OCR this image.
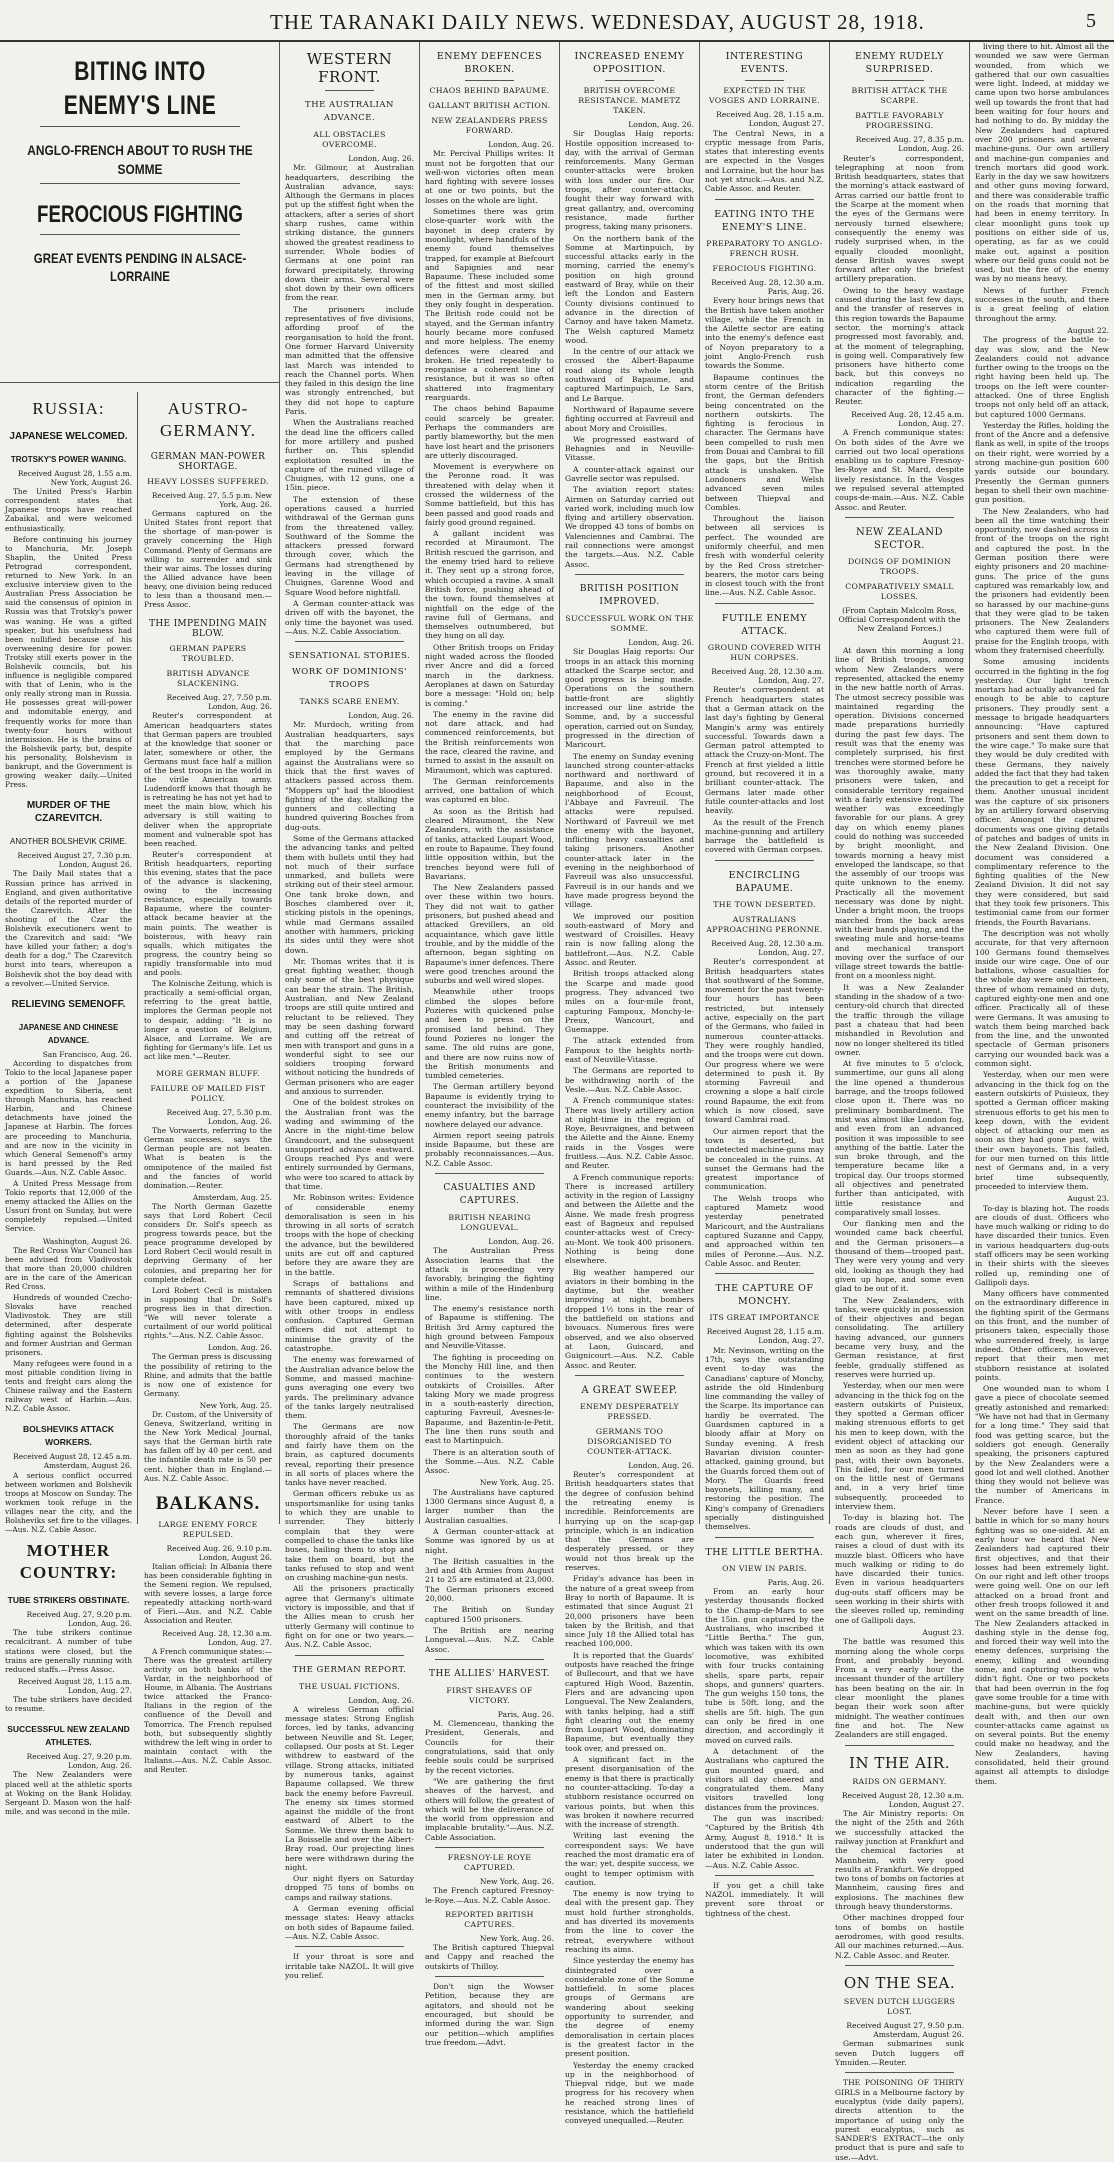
THE TARANAKI DAILY NEWS. WEDNESDAY, AUGUST 28, 1918.	5
BITING INTO ENEMY'S LINE
ANGLO-FRENCH ABOUT TO RUSH THE SOMME
FEROCIOUS FIGHTING
GREAT EVENTS PENDING IN ALSACE-LORRAINE
RUSSIA:
JAPANESE WELCOMED.
TROTSKY'S POWER WANING.

Received August 28, 1.55 a.m. New York, August 26.

The United Press's Harbin correspondent states that Japanese troops have reached Zabaikal, and were welcomed enthusiastically.

Before continuing his journey to Manchuria, Mr. Joseph Shaplin, the United Press Petrograd correspondent, returned to New York. In an exclusive interview given to the Australian Press Association he said the consensus of opinion in Russia was that Trotsky's power was waning. He was a gifted speaker, but his usefulness had been nullified because of his overweening desire for power. Trotsky still exerts power in the Bolshevik councils, but his influence is negligible compared with that of Lenin, who is the only really strong man in Russia. He possesses great will-power and indomitable energy, and frequently works for more than twenty-four hours without intermission. He is the brains of the Bolshevik party, but, despite his personality, Bolshevism is bankrupt, and the Government is growing weaker daily.—United Press.

MURDER OF THE CZAREVITCH.
ANOTHER BOLSHEVIK CRIME.

Received August 27, 7.30 p.m. London, August 26.

The Daily Mail states that a Russian prince has arrived in England, and given authoritative details of the reported murder of the Czarevitch. After the shooting of the Czar the Bolshevik executioners went to the Czarevitch and said: "We have killed your father; a dog's death for a dog." The Czarevitch burst into tears, whereupon a Bolshevik shot the boy dead with a revolver.—United Service.

RELIEVING SEMENOFF.
JAPANESE AND CHINESE ADVANCE.

San Francisco, Aug. 26.

According to dispatches from Tokio to the local Japanese paper a portion of the Japanese expedition to Siberia, sent through Manchuria, has reached Harbin, and Chinese detachments have joined the Japanese at Harbin. The forces are proceeding to Manchuria, and are now in the vicinity in which General Semenoff's army is hard pressed by the Red Guards.—Aus. N.Z. Cable Assoc.

A United Press Message from Tokio reports that 12,000 of the enemy attacked the Allies on the Ussuri front on Sunday, but were completely repulsed.—United Service.

Washington, August 26.

The Red Cross War Council has been advised from Vladivostok that more than 20,000 children are in the care of the American Red Cross.

Hundreds of wounded Czecho-Slovaks have reached Vladivostok. They are still determined, after desperate fighting against the Bolsheviks and former Austrian and German prisoners.

Many refugees were found in a most pitiable condition living in tents and freight cars along the Chinese railway and the Eastern railway west of Harbin.—Aus. N.Z. Cable Assoc.

BOLSHEVIKS ATTACK WORKERS.

Received August 28, 12.45 a.m. Amsterdam, August 26.

A serious conflict occurred between workmen and Bolshevik troops at Moscow on Sunday. The workmen took refuge in the villages near the city, and the Bolsheviks set fire to the villages.—Aus. N.Z. Cable Assoc.

MOTHER COUNTRY:
TUBE STRIKERS OBSTINATE.

Received Aug. 27, 9.20 p.m. London, Aug. 26.

The tube strikers continue recalcitrant. A number of tube stations were closed, but the trains are generally running with reduced staffs.—Press Assoc.

Received August 28, 1.15 a.m. London, Aug. 27.

The tube strikers have decided to resume.

SUCCESSFUL NEW ZEALAND ATHLETES.

Received Aug. 27, 9.20 p.m. London, Aug. 26.

The New Zealanders were placed well at the athletic sports at Woking on the Bank Holiday. Sergeant D. Mason won the half-mile, and was second in the mile.

AUSTRO-GERMANY.
GERMAN MAN-POWER SHORTAGE.
HEAVY LOSSES SUFFERED.

Received Aug. 27, 5.5 p.m. New York, Aug. 26.

Germans captured on the United States front report that the shortage of man-power is gravely concerning the High Command. Plenty of Germans are willing to surrender and sink their war aims. The losses during the Allied advance have been heavy, one division being reduced to less than a thousand men.—Press Assoc.

THE IMPENDING MAIN BLOW.
GERMAN PAPERS TROUBLED.
BRITISH ADVANCE SLACKENING.

Received Aug. 27, 7.50 p.m. London, Aug. 26.

Reuter's correspondent at American headquarters states that German papers are troubled at the knowledge that sooner or later, somewhere or other, the Germans must face half a million of the best troops in the world in the virile American army. Ludendorff knows that though he is retreating he has not yet had to meet the main blow, which his adversary is still waiting to deliver when the appropriate moment and vulnerable spot has been reached.

Reuter's correspondent at British headquarters, reporting this evening, states that the pace of the advance is slackening, owing to the increasing resistance, especially towards Bapaume, where the counter-attack became heavier at the main points. The weather is boisterous, with heavy rain squalls, which mitigates the progress, the country being so rapidly transformable into mud and pools.

The Kolnische Zeitung, which is practically a semi-official organ, referring to the great battle, implores the German people not to despair, adding: "It is no longer a question of Belgium, Alsace, and Lorraine. We are fighting for Germany's life. Let us act like men."—Reuter.

MORE GERMAN BLUFF.
FAILURE OF MAILED FIST POLICY.

Received Aug. 27, 5.30 p.m. London, Aug. 26.

The Vorwaerts, referring to the German successes, says the German people are not beaten. What is beaten is the omnipotence of the mailed fist and the fancies of world domination.—Reuter.

Amsterdam, Aug. 25.

The North German Gazette says that Lord Robert Cecil considers Dr. Solf's speech as progress towards peace, but the peace programme developed by Lord Robert Cecil would result in depriving Germany of her colonies, and preparing her for complete defeat.

Lord Robert Cecil is mistaken in supposing that Dr. Solf's progress lies in that direction. "We will never tolerate a curtailment of our world political rights."—Aus. N.Z. Cable Assoc.

London, Aug. 26.

The German press is discussing the possibility of retiring to the Rhine, and admits that the battle is now one of existence for Germany.

New York, Aug. 25.

Dr. Custom, of the University of Geneva, Switzerland, writing in the New York Medical Journal, says that the German birth rate has fallen off by 40 per cent. and the infantile death rate is 50 per cent. higher than in England.—Aus. N.Z. Cable Assoc.

BALKANS.
LARGE ENEMY FORCE REPULSED.

Received Aug. 26, 9.10 p.m. London, August 26.

Italian official: In Albania there has been considerable fighting in the Semeni region. We repulsed, with severe losses, a large force repeatedly attacking north-ward of Fieri.—Aus. and N.Z. Cable Association and Reuter.

Received Aug. 28, 12.30 a.m. London, Aug. 27.

A French communique states:—There was the greatest artillery activity on both banks of the Vardar, in the neighborhood of Houme, in Albania. The Austrians twice attacked the Franco-Italians in the region of the confluence of the Devoll and Tomorrica. The French repulsed both, but subsequently slightly withdrew the left wing in order to maintain contact with the Italians.—Aus. N.Z. Cable Assoc. and Reuter.

WESTERN FRONT.
THE AUSTRALIAN ADVANCE.
ALL OBSTACLES OVERCOME.

London, Aug. 26.

Mr. Gilmour, at Australian headquarters, describing the Australian advance, says: Although the Germans in places put up the stiffest fight when the attackers, after a series of short sharp rushes, came within striking distance, the gunners showed the greatest readiness to surrender. Whole bodies of Germans at one point ran forward precipitately, throwing down their arms. Several were shot down by their own officers from the rear.

The prisoners include representatives of five divisions, affording proof of the reorganisation to hold the front. One former Harvard University man admitted that the offensive last March was intended to reach the Channel ports. When they failed in this design the line was strongly entrenched, but they did not hope to capture Paris.

When the Australians reached the dead line the officers called for more artillery and pushed further on. This splendid exploitation resulted in the capture of the ruined village of Chuignes, with 12 guns, one a 15in. piece.

The extension of these operations caused a hurried withdrawal of the German guns from the threatened valley. Southward of the Somme the attackers pressed forward through cover, which the Germans had strengthened by leaving in the village of Chuignes, Garenne Wood and Square Wood before nightfall.

A German counter-attack was driven off with the bayonet, the only time the bayonet was used.—Aus. N.Z. Cable Association.

SENSATIONAL STORIES.
WORK OF DOMINIONS' TROOPS
TANKS SCARE ENEMY.

London, Aug. 26.

Mr. Murdoch, writing from Australian headquarters, says that the marching pace employed by the Germans against the Australians were so thick that the first waves of attackers passed across them. "Moppers up" had the bloodiest fighting of the day, stalking the gunners and collecting a hundred quivering Bosches from dug-outs.

Some of the Germans attacked the advancing tanks and pelted them with bullets until they had not much of their surface unmarked, and bullets were striking out of their steel armour. One tank broke down, and Bosches clambered over it, sticking pistols in the openings, while mad Germans assailed another with hammers, pricking its sides until they were shot down.

Mr. Thomas writes that it is great fighting weather, though only some of the best physique can bear the strain. The British, Australian, and New Zealand troops are still quite untired and reluctant to be relieved. They may be seen dashing forward and cutting off the retreat of men with transport and guns in a wonderful sight to see our soldiers trooping forward without noticing the hundreds of German prisoners who are eager and anxious to surrender.

One of the boldest strokes on the Australian front was the wading and swimming of the Ancre in the night-time below Grandcourt, and the subsequent unsupported advance eastward. Groups reached Pys and were entirely surrounded by Germans, who were too scared to attack by that time.

Mr. Robinson writes: Evidence of considerable enemy demoralisation is seen in his throwing in all sorts of scratch troops with the hope of checking the advance, but the bewildered units are cut off and captured before they are aware they are in the battle.

Scraps of battalions and remnants of shattered divisions have been captured, mixed up with other troops in endless confusion. Captured German officers did not attempt to minimise the gravity of the catastrophe.

The enemy was forewarned of the Australian advance below the Somme, and massed machine-guns averaging one every two yards. The preliminary advance of the tanks largely neutralised them.

The Germans are now thoroughly afraid of the tanks and fairly have them on the brain, as captured documents reveal, reporting their presence in all sorts of places where the tanks have never reached.

German officers rebuke us as unsportsmanlike for using tanks to which they are unable to surrender. They bitterly complain that they were compelled to chase the tanks like buses, hailing them to stop and take them on board, but the tanks refused to stop and went on crushing machine-gun nests.

All the prisoners practically agree that Germany's ultimate victory is impossible, and that if the Allies mean to crush her utterly Germany will continue to fight on for one or two years.—Aus. N.Z. Cable Assoc.

THE GERMAN REPORT.
THE USUAL FICTIONS.

London, Aug. 26.

A wireless German official message states: Strong English forces, led by tanks, advancing between Neuville and St. Leger, collapsed. Our posts at St. Leger withdrew to eastward of the village. Strong attacks, initiated by numerous tanks, against Bapaume collapsed. We threw back the enemy before Favreuil. The enemy six times stormed against the middle of the front eastward of Albert to the Somme. We threw them back to La Boisselle and over the Albert-Bray road. Our projecting lines here were withdrawn during the night.

Our night flyers on Saturday dropped 75 tons of bombs on camps and railway stations.

A German evening official message states: Heavy attacks on both sides of Bapaume failed.—Aus. N.Z. Cable Assoc.

If your throat is sore and irritable take NAZOL. It will give you relief.

ENEMY DEFENCES BROKEN.
CHAOS BEHIND BAPAUME.
GALLANT BRITISH ACTION.
NEW ZEALANDERS PRESS FORWARD.

London, Aug. 26.

Mr. Percival Phillips writes: It must not be forgotten that our well-won victories often mean hard fighting with severe losses at one or two points, but the losses on the whole are light.

Sometimes there was grim close-quarter work with the bayonet in deep craters by moonlight, where handfuls of the enemy found themselves trapped, for example at Biefcourt and Sapignies and near Bapaume. These included some of the fittest and most skilled men in the German army, but they only fought in desperation. The British rode could not be stayed, and the German infantry hourly became more confused and more helpless. The enemy defences were cleared and broken. He tried repeatedly to reorganise a coherent line of resistance, but it was so often shattered into fragmentary rearguards.

The chaos behind Bapaume could scarcely be greater. Perhaps the commanders are partly blameworthy, but the men have lost heart and the prisoners are utterly discouraged.

Movement is everywhere on the Peronne road. It was threatened with delay when it crossed the wilderness of the Somme battlefield, but this has been passed and good roads and fairly good ground regained.

A gallant incident was recorded at Miraumont. The British rescued the garrison, and the enemy tried hard to relieve it. They sent up a strong force, which occupied a ravine. A small British force, pushing ahead of the town, found themselves at nightfall on the edge of the ravine full of Germans, and themselves outnumbered, but they hung on all day.

Other British troops on Friday night waded across the flooded river Ancre and did a forced march in the darkness. Aeroplanes at dawn on Saturday bore a message: "Hold on; help is coming."

The enemy in the ravine did not dare attack, and had commenced reinforcements, but the British reinforcements won the race, cleared the ravine, and turned to assist in the assault on Miraumont, which was captured.

The German reinforcements arrived, one battalion of which was captured en bloc.

As soon as the British had cleared Miraumont, the New Zealanders, with the assistance of tanks, attacked Loupart Wood, en route to Bapaume. They found little opposition within, but the trenches beyond were full of Bavarians.

The New Zealanders passed over these within two hours. They did not wait to gather prisoners, but pushed ahead and attacked Grevillers, an old acquaintance, which gave little trouble, and by the middle of the afternoon, began sighting on Bapaume's inner defences. There were good trenches around the suburbs and well wired slopes.

Meanwhile other troops climbed the slopes before Pozieres with quickened pulse and keen to press on the promised land behind. They found Pozieres no longer the same. The old ruins are gone, and there are now ruins now of the British monuments and tumbled cemeteries.

The German artillery beyond Bapaume is evidently trying to counteract the invisibility of the enemy infantry, but the barrage nowhere delayed our advance.

Airmen report seeing patrols inside Bapaume, but these are probably reconnaissances.—Aus. N.Z. Cable Assoc.

CASUALTIES AND CAPTURES.
BRITISH NEARING LONGUEVAL.

London, Aug. 26.

The Australian Press Association learns that the attack is proceeding very favorably, bringing the fighting within a mile of the Hindenburg line.

The enemy's resistance north of Bapaume is stiffening. The British 3rd Army captured the high ground between Fampoux and Neuville-Vitasse.

The fighting is proceeding on the Monchy Hill line, and then continues to the western outskirts of Croisilles. After taking Mory we made progress in a south-easterly direction, capturing Favreuil, Avesnes-le-Bapaume, and Bazentin-le-Petit. The line then runs south and east to Martinpuich.

There is an alteration south of the Somme.—Aus. N.Z. Cable Assoc.

New York, Aug. 25.

The Australians have captured 1300 Germans since August 8, a larger number than the Australian casualties.

A German counter-attack at Somme was ignored by us at night.

The British casualties in the 3rd and 4th Armies from August 21 to 25 are estimated at 23,000. The German prisoners exceed 20,000.

The British on Sunday captured 1500 prisoners.

The British are nearing Longueval.—Aus. N.Z. Cable Assoc.

THE ALLIES' HARVEST.
FIRST SHEAVES OF VICTORY.

Paris, Aug. 26.

M. Clemenceau, thanking the President, Generals, and Councils for their congratulations, said that only feeble souls could be surprised by the recent victories.

"We are gathering the first sheaves of the harvest, and others will follow, the greatest of which will be the deliverance of the world from oppression and implacable brutality."—Aus. N.Z. Cable Association.

FRESNOY-LE ROYE CAPTURED.

New York, Aug. 26.

The French captured Fresnoy-le-Roye.—Aus. N.Z. Cable Assoc.

REPORTED BRITISH CAPTURES.

New York, Aug. 26.

The British captured Thiepval and Cappy and reached the outskirts of Thilloy.

Don't sign the Wowser Petition, because they are agitators, and should not be encouraged, but should be informed during the war. Sign our petition—which amplifies true freedom.—Advt.

INCREASED ENEMY OPPOSITION.
BRITISH OVERCOME RESISTANCE. MAMETZ TAKEN.

London, Aug. 26.

Sir Douglas Haig reports: Hostile opposition increased to-day, with the arrival of German reinforcements. Many German counter-attacks were broken with loss under our fire. Our troops, after counter-attacks, fought their way forward with great gallantry, and, overcoming resistance, made further progress, taking many prisoners.

On the northern bank of the Somme at Martinpuich, by successful attacks early in the morning, carried the enemy's position on high ground eastward of Bray, while on their left the London and Eastern County divisions continued to advance in the direction of Carnoy and have taken Mametz. The Welsh captured Mametz wood.

In the centre of our attack we crossed the Albert-Bapaume road along its whole length southward of Bapaume, and captured Martinpuich, Le Sars, and Le Barque.

Northward of Bapaume severe fighting occurred at Favreuil and about Mory and Croisilles.

We progressed eastward of Behagnies and in Neuville-Vitasse.

A counter-attack against our Gavrelle sector was repulsed.

The aviation report states: Airmen on Saturday carried out varied work, including much low flying and artillery observation. We dropped 43 tons of bombs on Valenciennes and Cambrai. The rail connections were amongst the targets.—Aus. N.Z. Cable Assoc.

BRITISH POSITION IMPROVED.
SUCCESSFUL WORK ON THE SOMME.

London, Aug. 26.

Sir Douglas Haig reports: Our troops in an attack this morning attacked the Scarpe sector, and good progress is being made. Operations on the southern battle-front are slightly increased our line astride the Somme, and, by a successful operation, carried out on Sunday, progressed in the direction of Maricourt.

The enemy on Sunday evening launched strong counter-attacks northward and northward of Bapaume, and also in the neighborhood of Ecoust, l'Abbaye and Favreuil. The attacks were repulsed. Northward of Favreuil we met the enemy with the bayonet, inflicting heavy casualties and taking prisoners. Another counter-attack later in the evening in the neighborhood of Favreuil was also unsuccessful. Favreuil is in our hands and we have made progress beyond the village.

We improved our position south-eastward of Mory and westward of Croisilles. Heavy rain is now falling along the battlefront.—Aus. N.Z. Cable Assoc. and Reuter.

British troops attacked along the Scarpe and made good progress. They advanced two miles on a four-mile front, capturing Fampoux, Monchy-le-Preux, Wancourt, and Guemappe.

The attack extended from Fampoux to the heights north-east of Neuville-Vitasse.

The Germans are reported to be withdrawing north of the Vesle.—Aus. N.Z. Cable Assoc.

A French communique states: There was lively artillery action at night-time in the region of Roye, Beuvraignes, and between the Ailette and the Aisne. Enemy raids in the Vosges were fruitless.—Aus. N.Z. Cable Assoc. and Reuter.

A French communique reports: There is increased artillery activity in the region of Lassigny and between the Ailette and the Aisne. We made fresh progress east of Bagneux and repulsed counter-attacks west of Crecy-au-Mont. We took 400 prisoners. Nothing is being done elsewhere.

Big weather hampered our aviators in their bombing in the daytime, but the weather improving at night, bombers dropped 1½ tons in the rear of the battlefield on stations and bivouacs. Numerous fires were observed, and we also observed at Laon, Guiscard, and Guignicourt.—Aus. N.Z. Cable Assoc. and Reuter.

A GREAT SWEEP.
ENEMY DESPERATELY PRESSED.
GERMANS TOO DISORGANISED TO COUNTER-ATTACK.

London, Aug. 26.

Reuter's correspondent at British headquarters states that the degree of confusion behind the retreating enemy is incredible. Reinforcements are hurrying up on the scap-gap principle, which is an indication that the Germans are desperately pressed, or they would not thus break up the reserves.

Friday's advance has been in the nature of a great sweep from Bray to north of Bapaume. It is estimated that since August 21 20,000 prisoners have been taken by the British, and that since July 18 the Allied total has reached 100,000.

It is reported that the Guards' outposts have reached the fringe of Bullecourt, and that we have captured High Wood, Bazentin, Flers and are advancing upon Longueval. The New Zealanders, with tanks helping, had a stiff fight clearing out the enemy from Loupart Wood, dominating Bapaume, but eventually they took over, and pressed on.

A significant fact in the present disorganisation of the enemy is that there is practically no counter-attacking. To-day a stubborn resistance occurred on various points, but when this was broken it nowhere recurred with the increase of strength.

Writing last evening the correspondent says: We have reached the most dramatic era of the war; yet, despite success, we ought to temper optimism with caution.

The enemy is now trying to deal with the present gap. They must hold further strongholds, and has diverted its movements from the line to cover the retreat, everywhere without reaching its aims.

Since yesterday the enemy has disintegrated over a considerable zone of the Somme battlefield. In some places groups of Germans are wandering about seeking opportunity to surrender, and the degree of enemy demoralisation in certain places is the greatest factor in the present position.

Yesterday the enemy cracked up in the neighborhood of Thiepval ridge, but we made progress for his recovery when he reached strong lines of resistance, which the battlefield conveyed unequalled.—Reuter.

INTERESTING EVENTS.
EXPECTED IN THE VOSGES AND LORRAINE.

Received Aug. 28, 1.15 a.m. London, August 27.

The Central News, in a cryptic message from Paris, states that interesting events are expected in the Vosges and Lorraine, but the hour has not yet struck.—Aus. and N.Z. Cable Assoc. and Reuter.

EATING INTO THE ENEMY'S LINE.
PREPARATORY TO ANGLO-FRENCH RUSH.
FEROCIOUS FIGHTING.

Received Aug. 28, 12.30 a.m. Paris, Aug. 26.

Every hour brings news that the British have taken another village, while the French in the Ailette sector are eating into the enemy's defence east of Noyon preparatory to a joint Anglo-French rush towards the Somme.

Bapaume continues the storm centre of the British front, the German defenders being concentrated on the northern outskirts. The fighting is ferocious in character. The Germans have been compelled to rush men from Douai and Cambrai to fill the gaps, but the British attack is unshaken. The Londoners and Welsh advanced seven miles between Thiepval and Combles.

Throughout the liaison between all services is perfect. The wounded are uniformly cheerful, and men fresh with wonderful celerity by the Red Cross stretcher-bearers, the motor cars being in closest touch with the front line.—Aus. N.Z. Cable Assoc.

FUTILE ENEMY ATTACK.
GROUND COVERED WITH HUN CORPSES.

Received Aug. 28, 12.30 a.m. London, Aug. 27.

Reuter's correspondent at French headquarters states that a German attack on the last day's fighting by General Mangin's army was entirely successful. Towards dawn a German patrol attempted to attack the Cruzy-on-Mont. The French at first yielded a little ground, but recovered it in a brilliant counter-attack. The Germans later made other futile counter-attacks and lost heavily.

As the result of the French machine-gunning and artillery barrage the battlefield is covered with German corpses.

ENCIRCLING BAPAUME.
THE TOWN DESERTED.
AUSTRALIANS APPROACHING PERONNE.

Received Aug. 28, 12.30 a.m. London, Aug. 27.

Reuter's correspondent at British headquarters states that southward of the Somme, movement for the past twenty-four hours has been restricted, but intensely active, especially on the part of the Germans, who failed in numerous counter-attacks. They were roughly handled, and the troops were cut down. Our progress where we were determined to push it. By storming Favreuil and crowning a slope a half circle round Bapaume, the exit from which is now closed, save toward Cambrai road.

Our airmen report that the town is deserted, but undetected machine-guns may be concealed in the ruins. At sunset the Germans had the greatest importance of communication.

The Welsh troops who captured Mametz wood yesterday penetrated Maricourt, and the Australians captured Suzanne and Cappy, and approached within ten miles of Peronne.—Aus. N.Z. Cable Assoc. and Reuter.

THE CAPTURE OF MONCHY.
ITS GREAT IMPORTANCE

Received August 28, 1.15 a.m. London, Aug. 27.

Mr. Nevinson, writing on the 17th, says the outstanding event to-day was the Canadians' capture of Monchy, astride the old Hindenburg line commanding the valley of the Scarpe. Its importance can hardly be overrated. The Guardsmen captured in a bloody affair at Mory on Sunday evening. A fresh Bavarian division counter-attacked, gaining ground, but the Guards forced them out of Mory. The Guards freed bayonets, killing many, and restoring the position. The King's company of Grenadiers specially distinguished themselves.

THE LITTLE BERTHA.
ON VIEW IN PARIS.

Paris, Aug. 26.

From an early hour yesterday thousands flocked to the Champ-de-Mars to see the 15in. gun captured by the Australians, who inscribed it "Little Bertha." The gun, which was taken with its own locomotive, was exhibited with four trucks containing shells, spare parts, repair shops, and gunners' quarters. The gun weighs 150 tons, the tube is 50ft. long, and the shells are 5ft. high. The gun can only be fired in one direction, and accordingly it moved on curved rails.

A detachment of the Australians who captured the gun mounted guard, and visitors all day cheered and congratulated them. Many visitors travelled long distances from the provinces.

The gun was inscribed: "Captured by the British 4th Army, August 8, 1918." It is understood that the gun will later be exhibited in London.—Aus. N.Z. Cable Assoc.

If you get a chill take NAZOL immediately. It will prevent sore throat or tightness of the chest.

ENEMY RUDELY SURPRISED.
BRITISH ATTACK THE SCARPE.
BATTLE FAVORABLY PROGRESSING.

Received Aug. 27, 8.35 p.m. London, Aug. 26.

Reuter's correspondent, telegraphing at noon from British headquarters, states that the morning's attack eastward of Arras carried our battle front to the Scarpe at the moment when the eyes of the Germans were nervously turned elsewhere; consequently the enemy was rudely surprised when, in the equally clouded moonlight, dense British waves swept forward after only the briefest artillery preparation.

Owing to the heavy wastage caused during the last few days, and the transfer of reserves in this region towards the Bapaume sector, the morning's attack progressed most favorably, and, at the moment of telegraphing, is going well. Comparatively few prisoners have hitherto come back, but this conveys no indication regarding the character of the fighting.—Reuter.

Received Aug. 28, 12.45 a.m. London, Aug. 27.

A French communique states: On both sides of the Avre we carried out two local operations enabling us to capture Fresnoy-les-Roye and St. Mard, despite lively resistance. In the Vosges we repulsed several attempted coups-de-main.—Aus. N.Z. Cable Assoc. and Reuter.

NEW ZEALAND SECTOR.
DOINGS OF DOMINION TROOPS.
COMPARATIVELY SMALL LOSSES.

(From Captain Malcolm Ross, Official Correspondent with the New Zealand Forces.)

August 21.

At dawn this morning a long line of British troops, among whom New Zealanders were represented, attacked the enemy in the new battle north of Arras. The utmost secrecy possible was maintained regarding the operation. Divisions concerned made preparations hurriedly during the past few days. The result was that the enemy was completely surprised, his first trenches were stormed before he was thoroughly awake, many prisoners were taken, and considerable territory regained with a fairly extensive front. The weather was exceedingly favorable for our plans. A grey day on which enemy planes could do nothing was succeeded by bright moonlight, and towards morning a heavy mist enveloped the landscape, so that the assembly of our troops was quite unknown to the enemy. Practically all the movement necessary was done by night. Under a bright moon, the troops marched from the back areas with their bands playing, and the sweating mule and horse-teams and mechanical transport moving over the surface of our village street towards the battle-front on a moonless night.

It was a New Zealander standing in the shadow of a two-century-old church that directed the traffic through the village past a chateau that had been mishandled in Revolution and now no longer sheltered its titled owner.

At five minutes to 5 o'clock, summertime, our guns all along the line opened a thunderous barrage, and the troops followed close upon it. There was no preliminary bombardment. The mist was almost like London fog, and even from an advanced position it was impossible to see anything of the battle. Later the sun broke through, and the temperature became like a tropical day. Our troops stormed all objectives and penetrated further than anticipated, with little resistance and comparatively small losses.

Our flanking men and the wounded came back cheerful, and the German prisoners—a thousand of them—trooped past. They were very young and very old, looking as though they had given up hope, and some even glad to be out of it.

The New Zealanders, with tanks, were quickly in possession of their objectives and began consolidating. The artillery having advanced, our gunners became very busy, and the German resistance, at first feeble, gradually stiffened as reserves were hurried up.

Yesterday, when our men were advancing in the thick fog on the eastern outskirts of Puisieux, they spotted a German officer making strenuous efforts to get his men to keep down, with the evident object of attacking our men as soon as they had gone past, with their own bayonets. This failed, for our men turned on the little nest of Germans and, in a very brief time subsequently, proceeded to interview them.

To-day is blazing hot. The roads are clouds of dust, and each gun, wherever it fires, raises a cloud of dust with its muzzle blast. Officers who have much walking or riding to do have discarded their tunics. Even in various headquarters dug-outs staff officers may be seen working in their shirts with the sleeves rolled up, reminding one of Gallipoli days.

August 23.

The battle was resumed this morning along the whole corps front, and probably beyond. From a very early hour the incessant thunder of the artillery has been beating on the air. In clear moonlight the planes began their work soon after midnight. The weather continues fine and hot. The New Zealanders are still engaged.

IN THE AIR.
RAIDS ON GERMANY.

Received August 28, 12.30 a.m. London, August 27.

The Air Ministry reports: On the night of the 25th and 26th we successfully attacked the railway junction at Frankfurt and the chemical factories at Mannheim, with very good results at Frankfurt. We dropped two tons of bombs on factories at Mannheim, causing fires and explosions. The machines flew through heavy thunderstorms.

Other machines dropped four tons of bombs on hostile aerodromes, with good results. All our machines returned.—Aus. N.Z. Cable Assoc. and Reuter.

ON THE SEA.
SEVEN DUTCH LUGGERS LOST.

Received August 27, 9.50 p.m. Amsterdam, August 26.

German submarines sunk seven Dutch luggers off Ymuiden.—Reuter.

THE POISONING OF THIRTY GIRLS in a Melbourne factory by eucalyptus (vide daily papers), directs attention to the importance of using only the purest eucalyptus, such as SANDER'S EXTRACT—the only product that is pure and safe to use.—Advt.

living there to hit. Almost all the wounded we saw were German wounded, from which we gathered that our own casualties were light. Indeed, at midday we came upon two horse ambulances well up towards the front that had been waiting for four hours and had nothing to do. By midday the New Zealanders had captured over 200 prisoners and several machine-guns. Our own artillery and machine-gun companies and trench mortars did good work. Early in the day we saw howitzers and other guns moving forward, and there was considerable traffic on the roads that morning that had been in enemy territory. In clear moonlight guns took up positions on either side of us, operating, as far as we could make out, against a position where our field guns could not be used, but the fire of the enemy was by no means heavy.

News of further French successes in the south, and there is a great feeling of elation throughout the army.

August 22.

The progress of the battle to-day was slow, and the New Zealanders could not advance further owing to the troops on the right having been held up. The troops on the left were counter-attacked. One of three English troops not only held off an attack, but captured 1000 Germans.

Yesterday the Rifles, holding the front of the Ancre and a defensive flank as well, in spite of the troops on their right, were worried by a strong machine-gun position 600 yards outside our boundary. Presently the German gunners began to shell their own machine-gun position.

The New Zealanders, who had been all the time watching their opportunity, now dashed across in front of the troops on the right and captured the post. In the German position there were eighty prisoners and 20 machine-guns. The price of the guns captured was remarkably low, and the prisoners had evidently been so harassed by our machine-guns that they were glad to be taken prisoners. The New Zealanders who captured them were full of praise for the English troops, with whom they fraternised cheerfully.

Some amusing incidents occurred in the fighting in the fog yesterday. Our light trench mortars had actually advanced far enough to be able to capture prisoners. They proudly sent a message to brigade headquarters announcing: "Have captured prisoners and sent them down to the wire cage." To make sure that they would be duly credited with these Germans, they naively added the fact that they had taken the precaution to get a receipt for them. Another unusual incident was the capture of six prisoners by an artillery forward observing officer. Amongst the captured documents was one giving details of patches and badges of units in the New Zealand Division. One document was considered a complimentary reference to the fighting qualities of the New Zealand Division. It did not say they were considered, but said that they took few prisoners. This testimonial came from our former friends, the Fourth Bavarians.

The description was not wholly accurate, for that very afternoon 100 Germans found themselves inside our wire cage. One of our battalions, whose casualties for the whole day were only thirteen, three of whom remained on duty, captured eighty-one men and one officer. Practically all of these were Germans. It was amusing to watch them being marched back from the line, and the unwonted spectacle of German prisoners carrying our wounded back was a common sight.

Yesterday, when our men were advancing in the thick fog on the eastern outskirts of Puisieux, they spotted a German officer making strenuous efforts to get his men to keep down, with the evident object of attacking our men as soon as they had gone past, with their own bayonets. This failed, for our men turned on this little nest of Germans and, in a very brief time subsequently, proceeded to interview them.

August 23.

To-day is blazing hot. The roads are clouds of dust. Officers who have much walking or riding to do have discarded their tunics. Even in various headquarters dug-outs staff officers may be seen working in their shirts with the sleeves rolled up, reminding one of Gallipoli days.

Many officers have commented on the extraordinary difference in the fighting spirit of the Germans on this front, and the number of prisoners taken, especially those who surrendered freely, is large indeed. Other officers, however, report that their men met stubborn resistance at isolated points.

One wounded man to whom I gave a piece of chocolate seemed greatly astonished and remarked: "We have not had that in Germany for a long time." They said that food was getting scarce, but the soldiers got enough. Generally speaking, the prisoners captured by the New Zealanders were a good lot and well clothed. Another thing they would not believe was the number of Americans in France.

Never before have I seen a battle in which for so many hours fighting was so one-sided. At an early hour we heard that New Zealanders had captured their first objectives, and that their losses had been extremely light. On our right and left other troops were going well. One on our left attacked on a broad front and other fresh troops followed it and went on the same breadth of line. The New Zealanders attacked in dashing style in the dense fog, and forced their way well into the enemy defences, surprising the enemy, killing and wounding some, and capturing others who didn't fight. One or two pockets that had been overrun in the fog gave some trouble for a time with machine-guns, but were quickly dealt with, and then our own counter-attacks came against us on several points. But the enemy could make no headway, and the New Zealanders, having consolidated, held their ground against all attempts to dislodge them.
